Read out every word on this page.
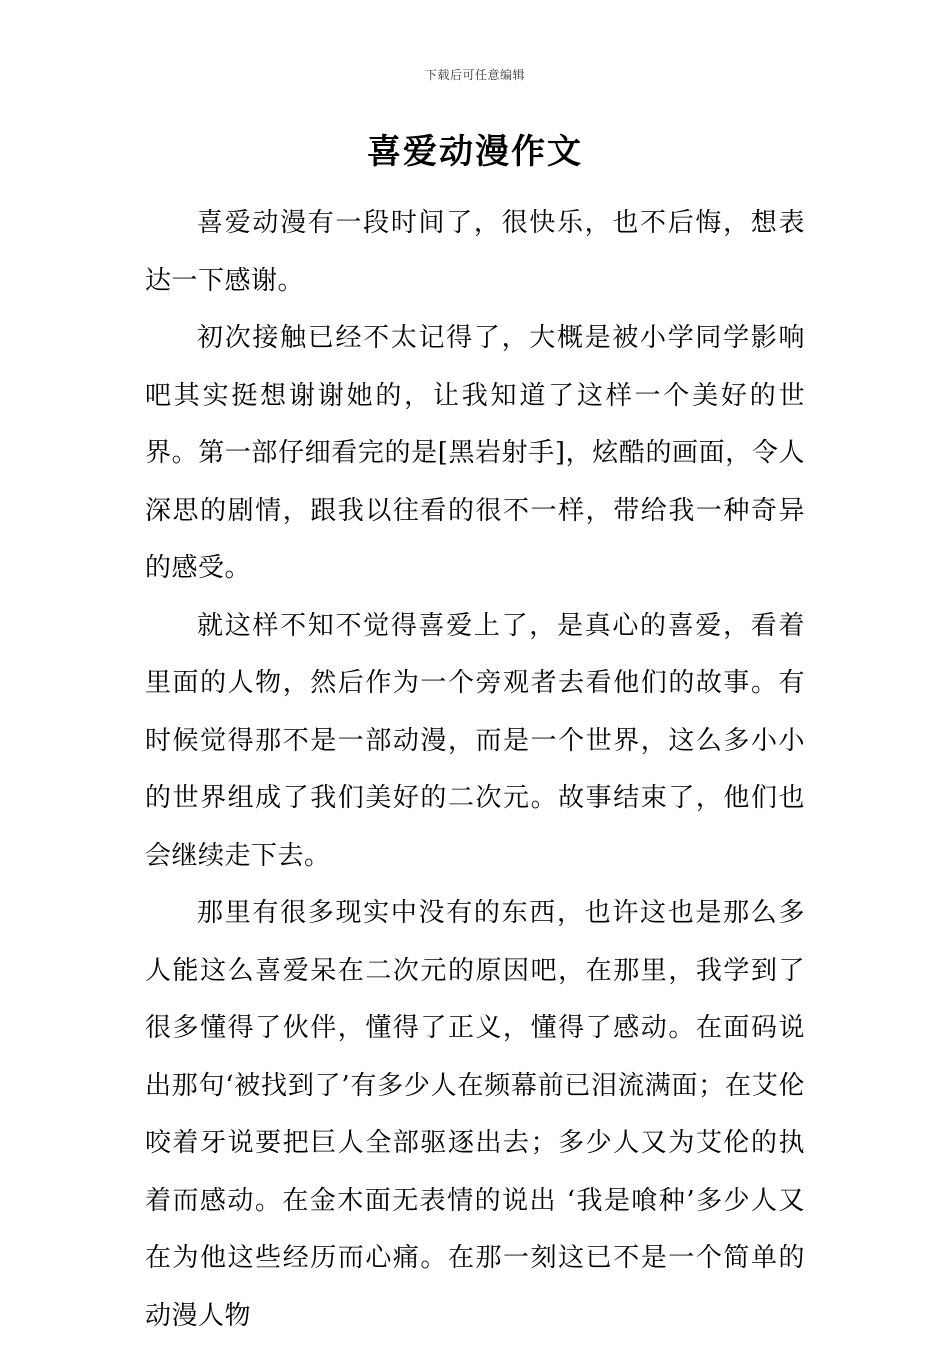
下载后可任意编辑
喜爱动漫作文

喜爱动漫有一段时间了，很快乐，也不后悔，想表达一下感谢。

初次接触已经不太记得了，大概是被小学同学影响吧其实挺想谢谢她的，让我知道了这样一个美好的世界。第一部仔细看完的是[黑岩射手]，炫酷的画面，令人深思的剧情，跟我以往看的很不一样，带给我一种奇异的感受。

就这样不知不觉得喜爱上了，是真心的喜爱，看着里面的人物，然后作为一个旁观者去看他们的故事。有时候觉得那不是一部动漫，而是一个世界，这么多小小的世界组成了我们美好的二次元。故事结束了，他们也会继续走下去。

那里有很多现实中没有的东西，也许这也是那么多人能这么喜爱呆在二次元的原因吧，在那里，我学到了很多懂得了伙伴，懂得了正义，懂得了感动。在面码说出那句‘被找到了’有多少人在频幕前已泪流满面；在艾伦咬着牙说要把巨人全部驱逐出去；多少人又为艾伦的执着而感动。在金木面无表情的说出 ‘我是喰种’多少人又在为他这些经历而心痛。在那一刻这已不是一个简单的动漫人物
